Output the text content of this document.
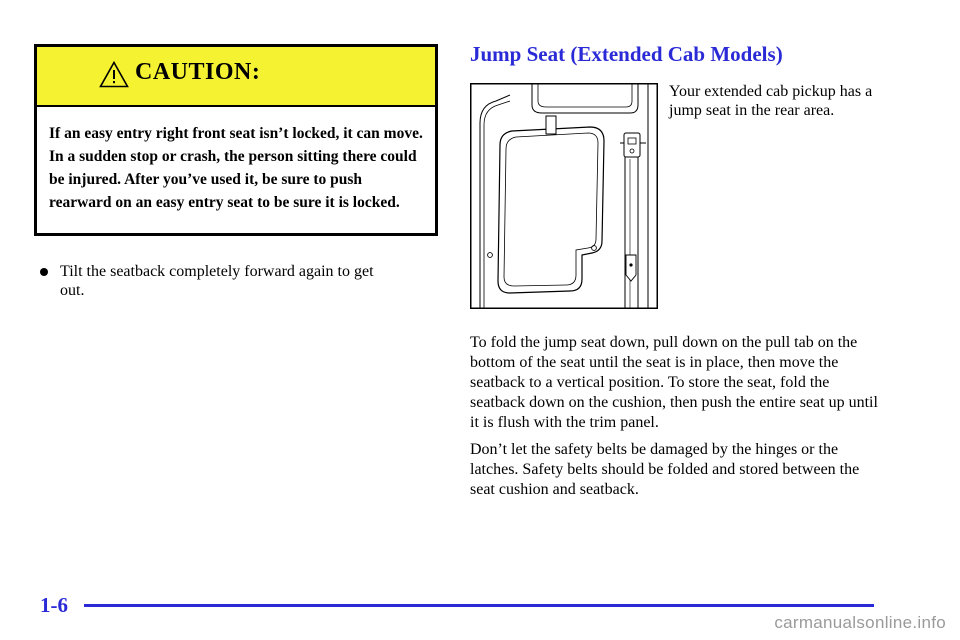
CAUTION:
If an easy entry right front seat isn’t locked, it can move. In a sudden stop or crash, the person sitting there could be injured. After you’ve used it, be sure to push rearward on an easy entry seat to be sure it is locked.
Tilt the seatback completely forward again to get out.
Jump Seat (Extended Cab Models)
Your extended cab pickup has a jump seat in the rear area.

To fold the jump seat down, pull down on the pull tab on the bottom of the seat until the seat is in place, then move the seatback to a vertical position. To store the seat, fold the seatback down on the cushion, then push the entire seat up until it is flush with the trim panel.

Don’t let the safety belts be damaged by the hinges or the latches. Safety belts should be folded and stored between the seat cushion and seatback.

1-6
carmanualsonline.info
